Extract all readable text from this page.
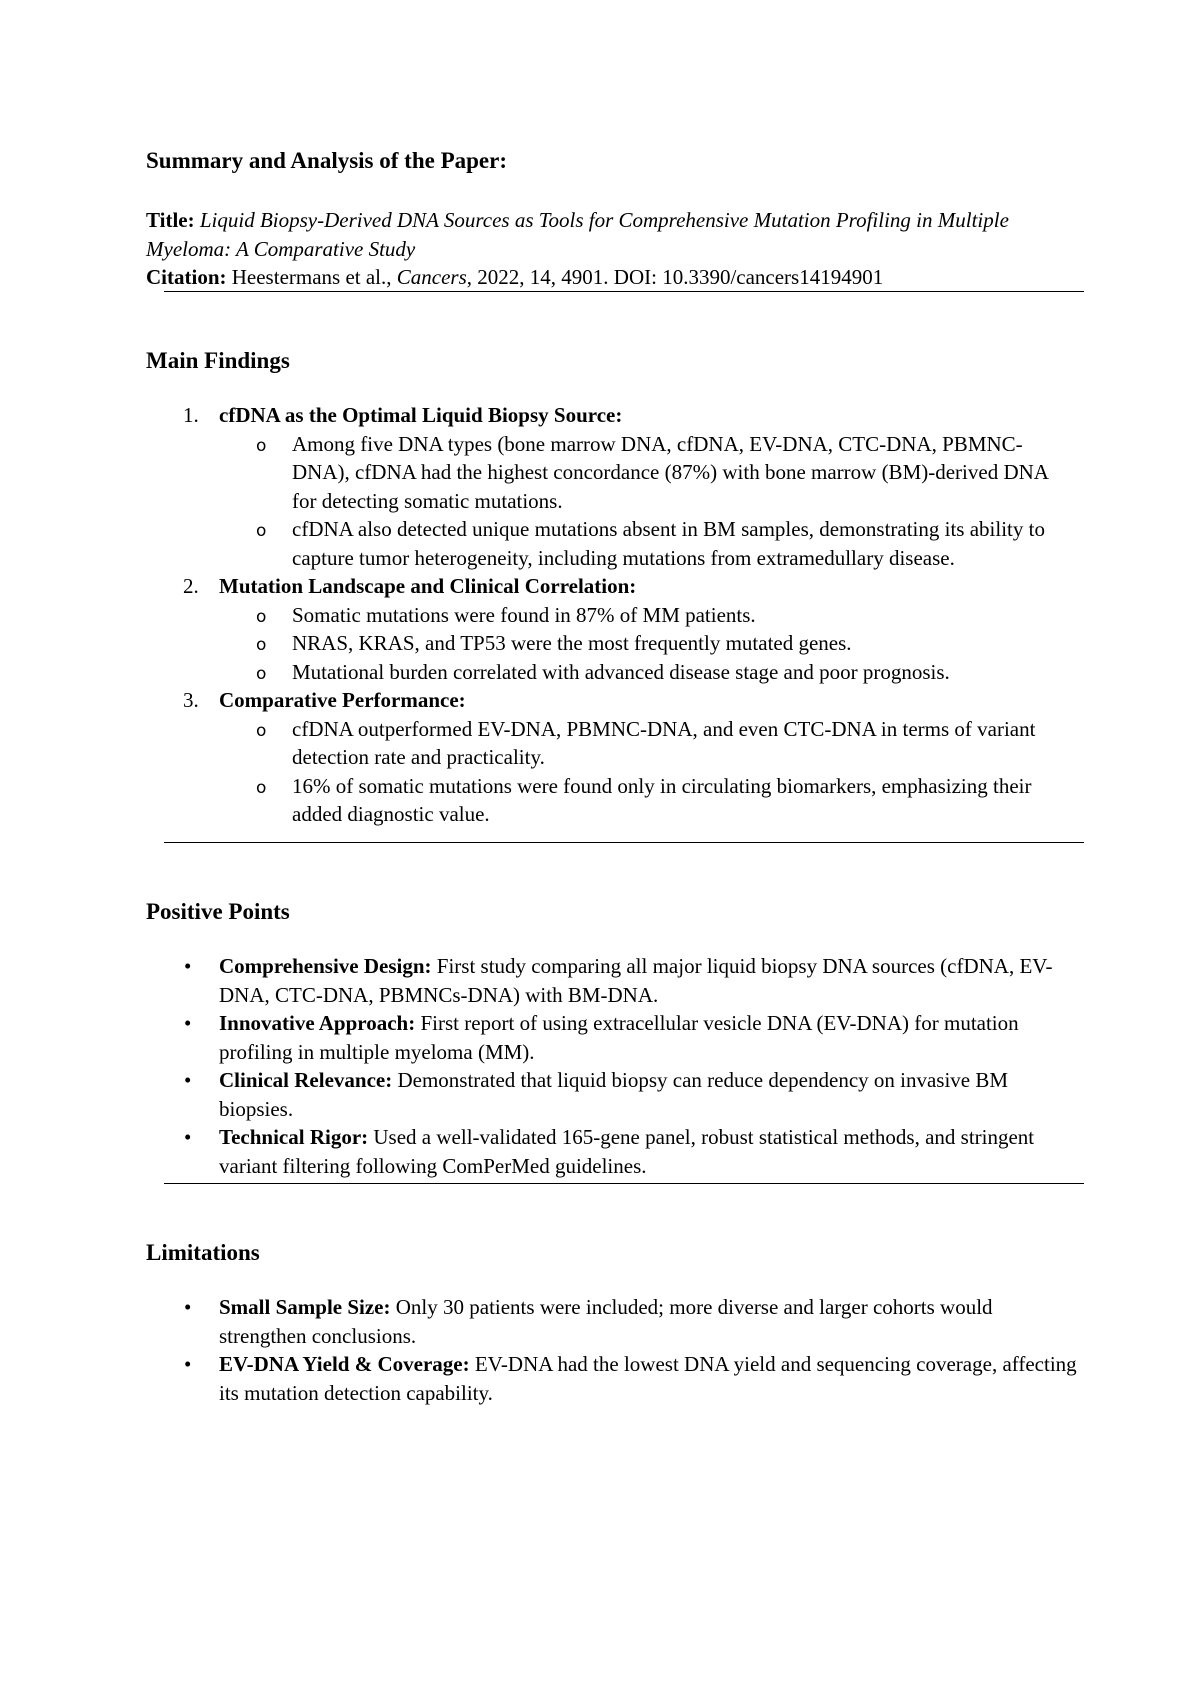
Summary and Analysis of the Paper:
Title: Liquid Biopsy-Derived DNA Sources as Tools for Comprehensive Mutation Profiling in Multiple Myeloma: A Comparative Study
Citation: Heestermans et al., Cancers, 2022, 14, 4901. DOI: 10.3390/cancers14194901
Main Findings
1. cfDNA as the Optimal Liquid Biopsy Source:
o Among five DNA types (bone marrow DNA, cfDNA, EV-DNA, CTC-DNA, PBMNC-DNA), cfDNA had the highest concordance (87%) with bone marrow (BM)-derived DNA for detecting somatic mutations.
o cfDNA also detected unique mutations absent in BM samples, demonstrating its ability to capture tumor heterogeneity, including mutations from extramedullary disease.
2. Mutation Landscape and Clinical Correlation:
o Somatic mutations were found in 87% of MM patients.
o NRAS, KRAS, and TP53 were the most frequently mutated genes.
o Mutational burden correlated with advanced disease stage and poor prognosis.
3. Comparative Performance:
o cfDNA outperformed EV-DNA, PBMNC-DNA, and even CTC-DNA in terms of variant detection rate and practicality.
o 16% of somatic mutations were found only in circulating biomarkers, emphasizing their added diagnostic value.
Positive Points
• Comprehensive Design: First study comparing all major liquid biopsy DNA sources (cfDNA, EV-DNA, CTC-DNA, PBMNCs-DNA) with BM-DNA.
• Innovative Approach: First report of using extracellular vesicle DNA (EV-DNA) for mutation profiling in multiple myeloma (MM).
• Clinical Relevance: Demonstrated that liquid biopsy can reduce dependency on invasive BM biopsies.
• Technical Rigor: Used a well-validated 165-gene panel, robust statistical methods, and stringent variant filtering following ComPerMed guidelines.
Limitations
• Small Sample Size: Only 30 patients were included; more diverse and larger cohorts would strengthen conclusions.
• EV-DNA Yield & Coverage: EV-DNA had the lowest DNA yield and sequencing coverage, affecting its mutation detection capability.
